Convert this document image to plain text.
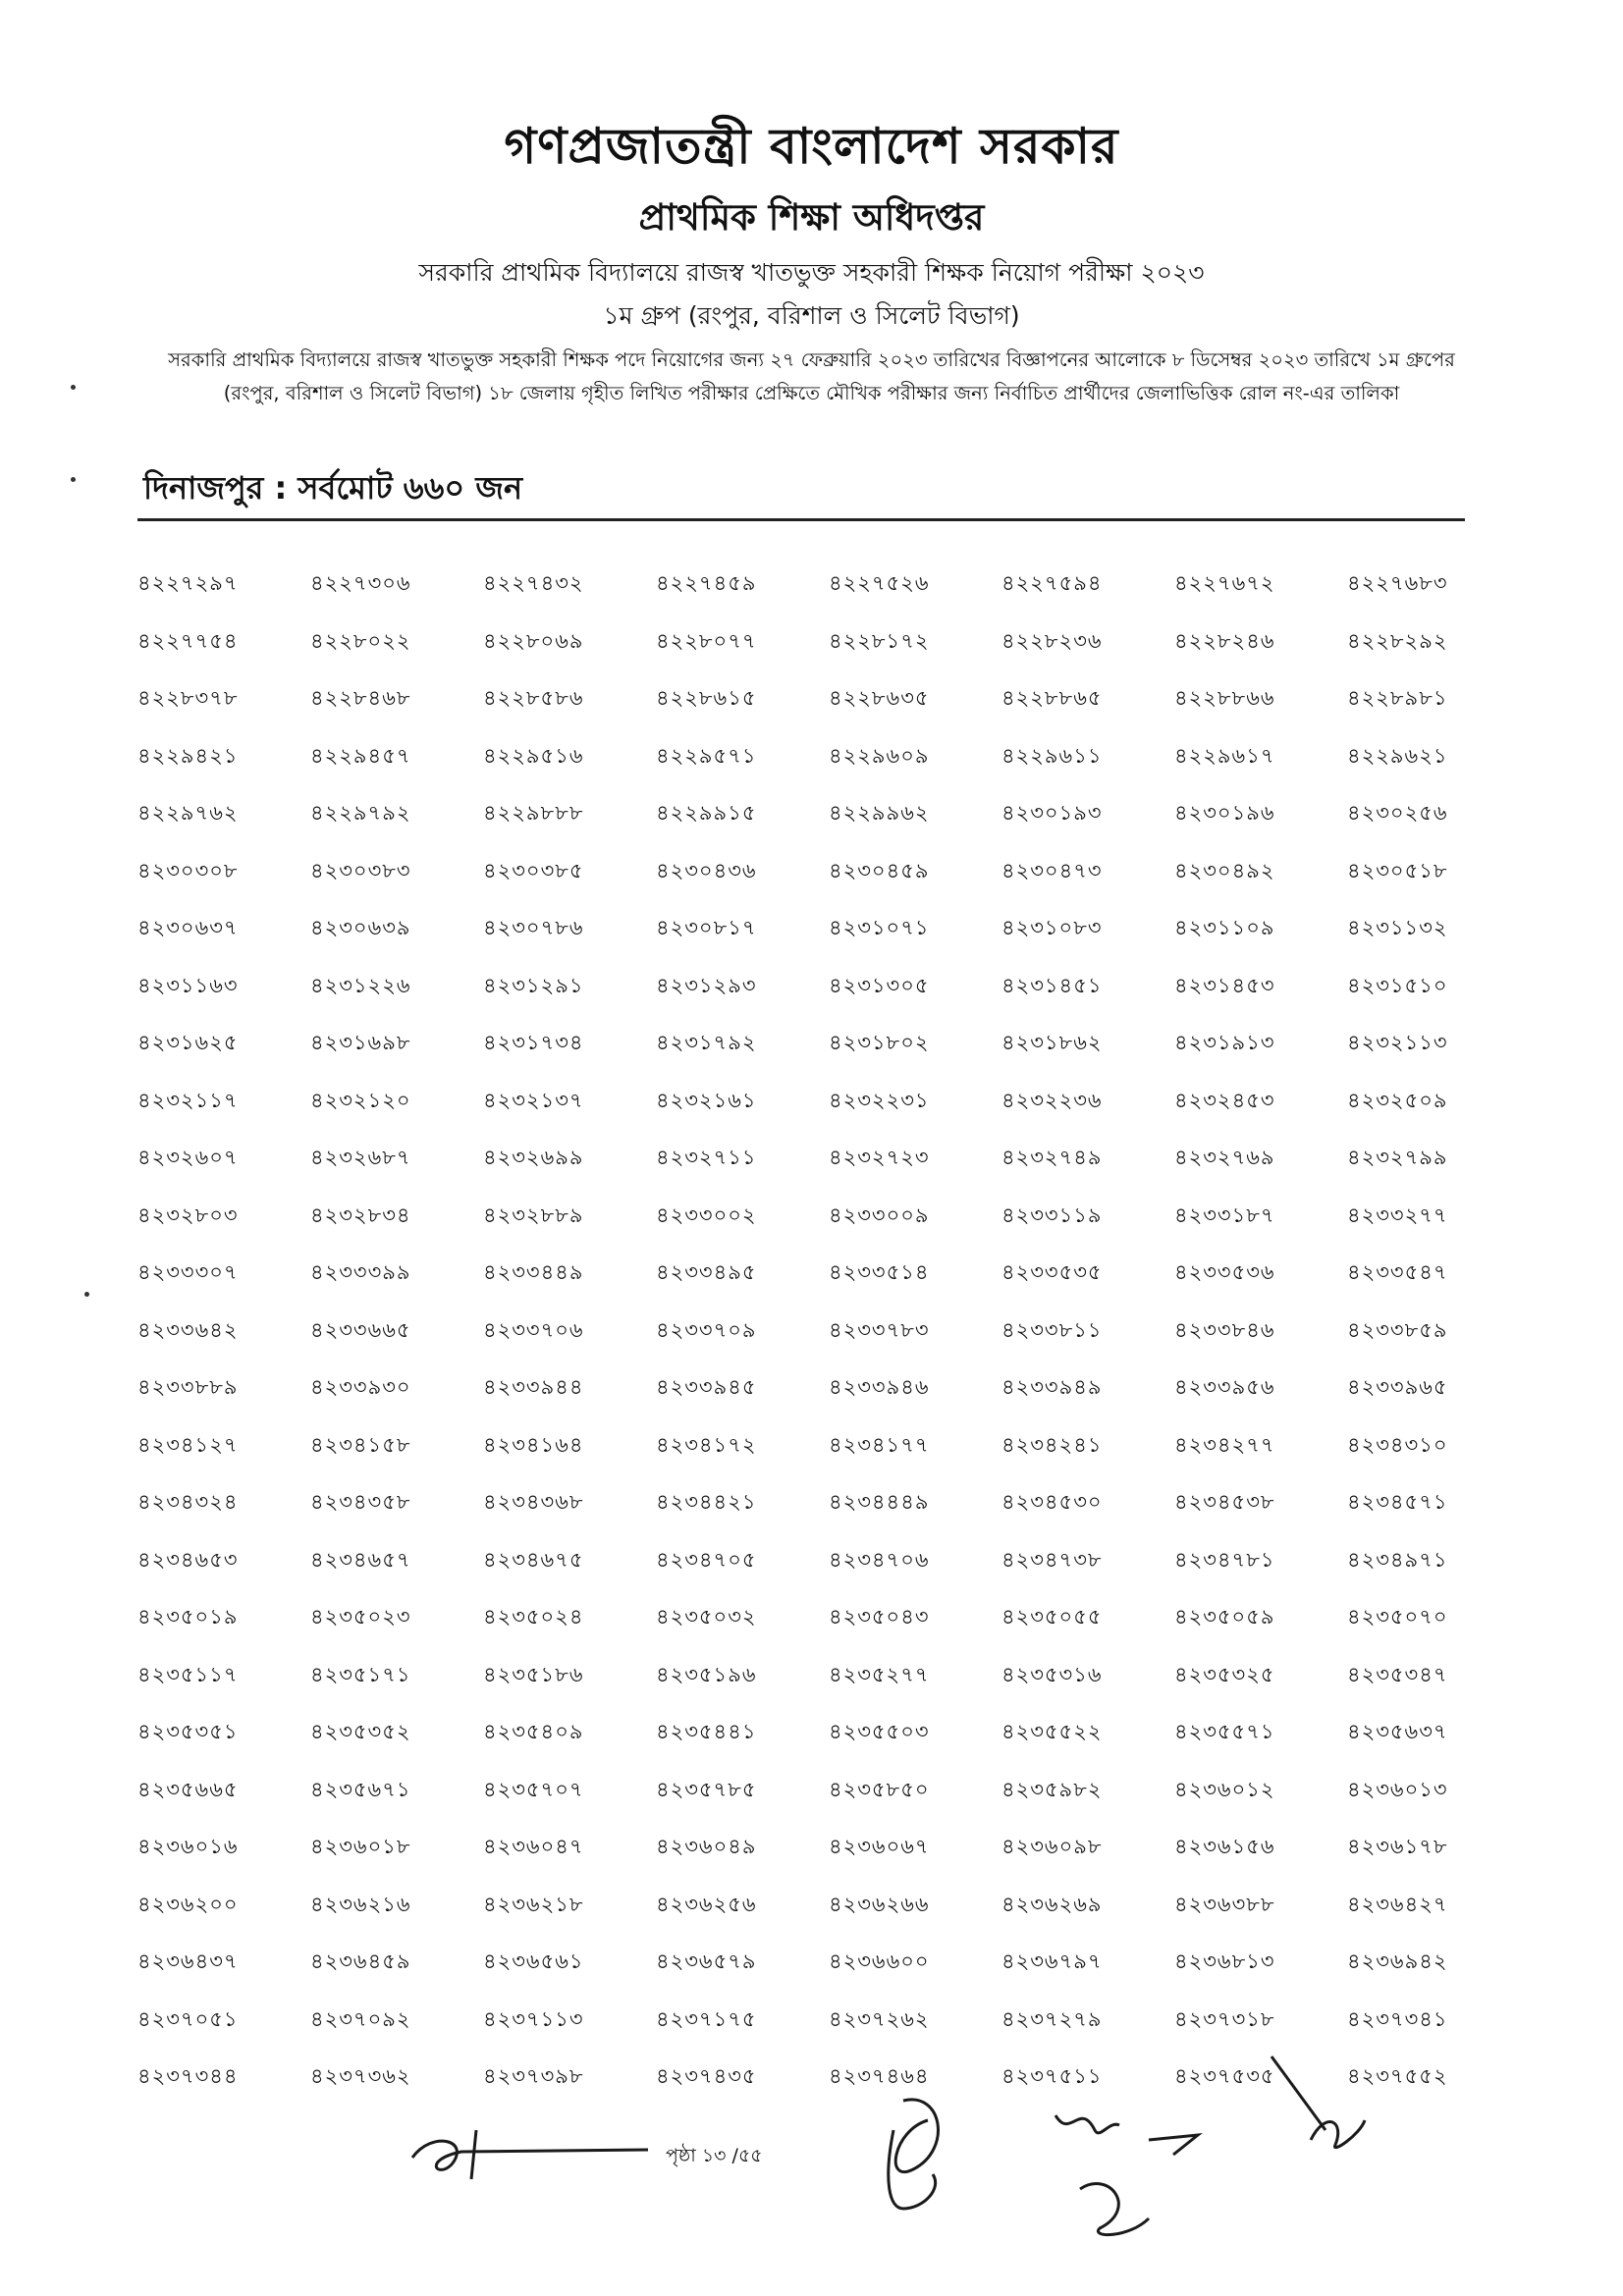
গণপ্রজাতন্ত্রী বাংলাদেশ সরকার
প্রাথমিক শিক্ষা অধিদপ্তর
সরকারি প্রাথমিক বিদ্যালয়ে রাজস্ব খাতভুক্ত সহকারী শিক্ষক নিয়োগ পরীক্ষা ২০২৩
১ম গ্রুপ (রংপুর, বরিশাল ও সিলেট বিভাগ)
সরকারি প্রাথমিক বিদ্যালয়ে রাজস্ব খাতভুক্ত সহকারী শিক্ষক পদে নিয়োগের জন্য ২৭ ফেব্রুয়ারি ২০২৩ তারিখের বিজ্ঞাপনের আলোকে ৮ ডিসেম্বর ২০২৩ তারিখে ১ম গ্রুপের (রংপুর, বরিশাল ও সিলেট বিভাগ) ১৮ জেলায় গৃহীত লিখিত পরীক্ষার প্রেক্ষিতে মৌখিক পরীক্ষার জন্য নির্বাচিত প্রার্থীদের জেলাভিত্তিক রোল নং-এর তালিকা
দিনাজপুর : সর্বমোট ৬৬০ জন
৪২২৭২৯৭	৪২২৭৩০৬	৪২২৭৪৩২	৪২২৭৪৫৯	৪২২৭৫২৬	৪২২৭৫৯৪	৪২২৭৬৭২	৪২২৭৬৮৩
৪২২৭৭৫৪	৪২২৮০২২	৪২২৮০৬৯	৪২২৮০৭৭	৪২২৮১৭২	৪২২৮২৩৬	৪২২৮২৪৬	৪২২৮২৯২
৪২২৮৩৭৮	৪২২৮৪৬৮	৪২২৮৫৮৬	৪২২৮৬১৫	৪২২৮৬৩৫	৪২২৮৮৬৫	৪২২৮৮৬৬	৪২২৮৯৮১
৪২২৯৪২১	৪২২৯৪৫৭	৪২২৯৫১৬	৪২২৯৫৭১	৪২২৯৬০৯	৪২২৯৬১১	৪২২৯৬১৭	৪২২৯৬২১
৪২২৯৭৬২	৪২২৯৭৯২	৪২২৯৮৮৮	৪২২৯৯১৫	৪২২৯৯৬২	৪২৩০১৯৩	৪২৩০১৯৬	৪২৩০২৫৬
৪২৩০৩০৮	৪২৩০৩৮৩	৪২৩০৩৮৫	৪২৩০৪৩৬	৪২৩০৪৫৯	৪২৩০৪৭৩	৪২৩০৪৯২	৪২৩০৫১৮
৪২৩০৬৩৭	৪২৩০৬৩৯	৪২৩০৭৮৬	৪২৩০৮১৭	৪২৩১০৭১	৪২৩১০৮৩	৪২৩১১০৯	৪২৩১১৩২
৪২৩১১৬৩	৪২৩১২২৬	৪২৩১২৯১	৪২৩১২৯৩	৪২৩১৩০৫	৪২৩১৪৫১	৪২৩১৪৫৩	৪২৩১৫১০
৪২৩১৬২৫	৪২৩১৬৯৮	৪২৩১৭৩৪	৪২৩১৭৯২	৪২৩১৮০২	৪২৩১৮৬২	৪২৩১৯১৩	৪২৩২১১৩
৪২৩২১১৭	৪২৩২১২০	৪২৩২১৩৭	৪২৩২১৬১	৪২৩২২৩১	৪২৩২২৩৬	৪২৩২৪৫৩	৪২৩২৫০৯
৪২৩২৬০৭	৪২৩২৬৮৭	৪২৩২৬৯৯	৪২৩২৭১১	৪২৩২৭২৩	৪২৩২৭৪৯	৪২৩২৭৬৯	৪২৩২৭৯৯
৪২৩২৮০৩	৪২৩২৮৩৪	৪২৩২৮৮৯	৪২৩৩০০২	৪২৩৩০০৯	৪২৩৩১১৯	৪২৩৩১৮৭	৪২৩৩২৭৭
৪২৩৩৩০৭	৪২৩৩৩৯৯	৪২৩৩৪৪৯	৪২৩৩৪৯৫	৪২৩৩৫১৪	৪২৩৩৫৩৫	৪২৩৩৫৩৬	৪২৩৩৫৪৭
৪২৩৩৬৪২	৪২৩৩৬৬৫	৪২৩৩৭০৬	৪২৩৩৭০৯	৪২৩৩৭৮৩	৪২৩৩৮১১	৪২৩৩৮৪৬	৪২৩৩৮৫৯
৪২৩৩৮৮৯	৪২৩৩৯৩০	৪২৩৩৯৪৪	৪২৩৩৯৪৫	৪২৩৩৯৪৬	৪২৩৩৯৪৯	৪২৩৩৯৫৬	৪২৩৩৯৬৫
৪২৩৪১২৭	৪২৩৪১৫৮	৪২৩৪১৬৪	৪২৩৪১৭২	৪২৩৪১৭৭	৪২৩৪২৪১	৪২৩৪২৭৭	৪২৩৪৩১০
৪২৩৪৩২৪	৪২৩৪৩৫৮	৪২৩৪৩৬৮	৪২৩৪৪২১	৪২৩৪৪৪৯	৪২৩৪৫৩০	৪২৩৪৫৩৮	৪২৩৪৫৭১
৪২৩৪৬৫৩	৪২৩৪৬৫৭	৪২৩৪৬৭৫	৪২৩৪৭০৫	৪২৩৪৭০৬	৪২৩৪৭৩৮	৪২৩৪৭৮১	৪২৩৪৯৭১
৪২৩৫০১৯	৪২৩৫০২৩	৪২৩৫০২৪	৪২৩৫০৩২	৪২৩৫০৪৩	৪২৩৫০৫৫	৪২৩৫০৫৯	৪২৩৫০৭০
৪২৩৫১১৭	৪২৩৫১৭১	৪২৩৫১৮৬	৪২৩৫১৯৬	৪২৩৫২৭৭	৪২৩৫৩১৬	৪২৩৫৩২৫	৪২৩৫৩৪৭
৪২৩৫৩৫১	৪২৩৫৩৫২	৪২৩৫৪০৯	৪২৩৫৪৪১	৪২৩৫৫০৩	৪২৩৫৫২২	৪২৩৫৫৭১	৪২৩৫৬৩৭
৪২৩৫৬৬৫	৪২৩৫৬৭১	৪২৩৫৭০৭	৪২৩৫৭৮৫	৪২৩৫৮৫০	৪২৩৫৯৮২	৪২৩৬০১২	৪২৩৬০১৩
৪২৩৬০১৬	৪২৩৬০১৮	৪২৩৬০৪৭	৪২৩৬০৪৯	৪২৩৬০৬৭	৪২৩৬০৯৮	৪২৩৬১৫৬	৪২৩৬১৭৮
৪২৩৬২০০	৪২৩৬২১৬	৪২৩৬২১৮	৪২৩৬২৫৬	৪২৩৬২৬৬	৪২৩৬২৬৯	৪২৩৬৩৮৮	৪২৩৬৪২৭
৪২৩৬৪৩৭	৪২৩৬৪৫৯	৪২৩৬৫৬১	৪২৩৬৫৭৯	৪২৩৬৬০০	৪২৩৬৭৯৭	৪২৩৬৮১৩	৪২৩৬৯৪২
৪২৩৭০৫১	৪২৩৭০৯২	৪২৩৭১১৩	৪২৩৭১৭৫	৪২৩৭২৬২	৪২৩৭২৭৯	৪২৩৭৩১৮	৪২৩৭৩৪১
৪২৩৭৩৪৪	৪২৩৭৩৬২	৪২৩৭৩৯৮	৪২৩৭৪৩৫	৪২৩৭৪৬৪	৪২৩৭৫১১	৪২৩৭৫৩৫	৪২৩৭৫৫২
পৃষ্ঠা ১৩ /৫৫
